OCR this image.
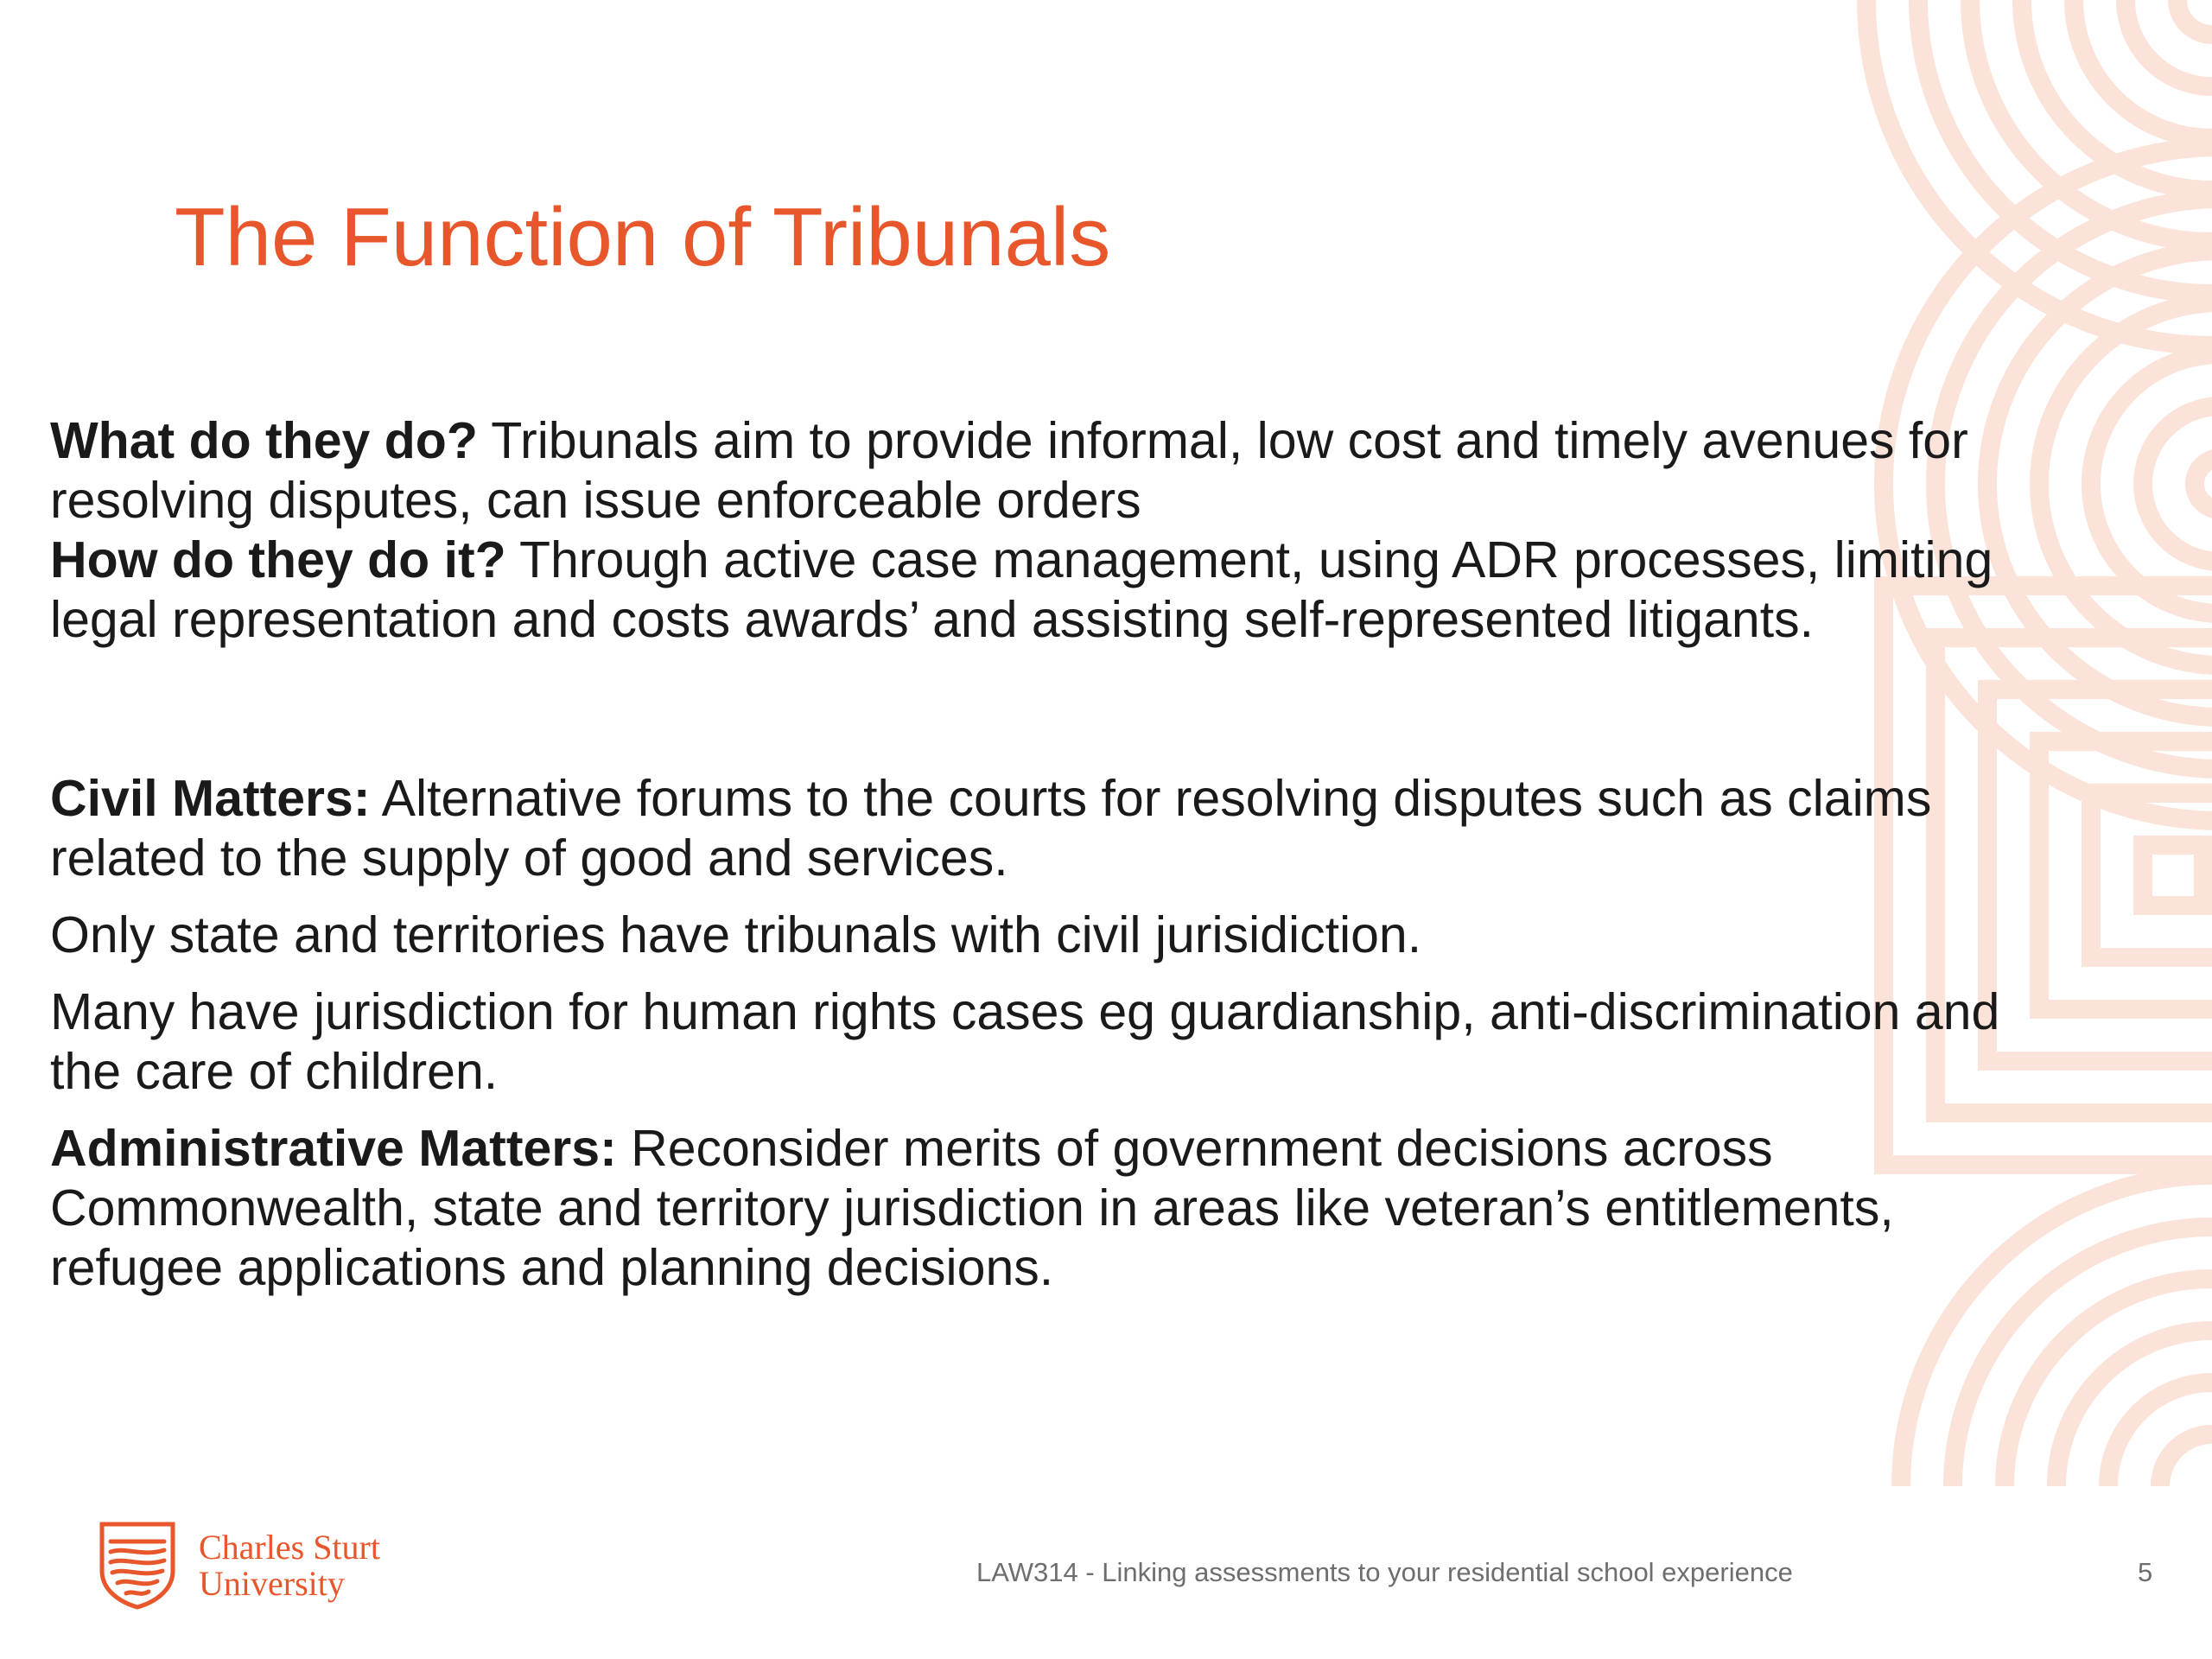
The Function of Tribunals

What do they do? Tribunals aim to provide informal, low cost and timely avenues for resolving disputes, can issue enforceable orders

How do they do it? Through active case management, using ADR processes, limiting legal representation and costs awards’ and assisting self-represented litigants.

Civil Matters: Alternative forums to the courts for resolving disputes such as claims related to the supply of good and services.

Only state and territories have tribunals with civil jurisidiction.

Many have jurisdiction for human rights cases eg guardianship, anti-discrimination and the care of children.

Administrative Matters: Reconsider merits of government decisions across Commonwealth, state and territory jurisdiction in areas like veteran’s entitlements, refugee applications and planning decisions.

Charles Sturt
University	LAW314 - Linking assessments to your residential school experience	5
